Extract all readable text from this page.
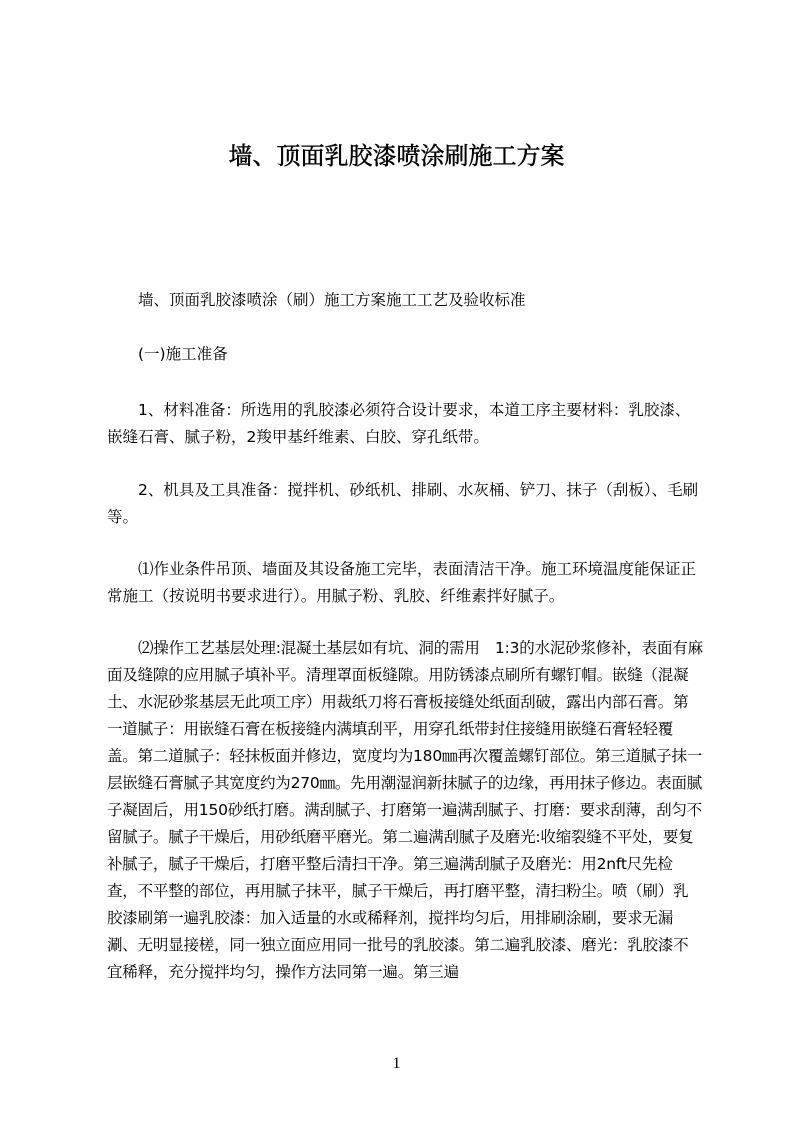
墙、顶面乳胶漆喷涂刷施工方案

墙、顶面乳胶漆喷涂（刷）施工方案施工工艺及验收标准

(一)施工准备

1、材料准备：所选用的乳胶漆必须符合设计要求，本道工序主要材料：乳胶漆、嵌缝石膏、腻子粉，2羧甲基纤维素、白胶、穿孔纸带。

2、机具及工具准备：搅拌机、砂纸机、排刷、水灰桶、铲刀、抹子（刮板）、毛刷等。

⑴作业条件吊顶、墙面及其设备施工完毕，表面清洁干净。施工环境温度能保证正常施工（按说明书要求进行）。用腻子粉、乳胶、纤维素拌好腻子。

⑵操作工艺基层处理:混凝土基层如有坑、洞的需用　1:3的水泥砂浆修补，表面有麻面及缝隙的应用腻子填补平。清理罩面板缝隙。用防锈漆点刷所有螺钉帽。嵌缝（混凝土、水泥砂浆基层无此项工序）用裁纸刀将石膏板接缝处纸面刮破，露出内部石膏。第一道腻子：用嵌缝石膏在板接缝内满填刮平，用穿孔纸带封住接缝用嵌缝石膏轻轻覆盖。第二道腻子：轻抹板面并修边，宽度均为180㎜再次覆盖螺钉部位。第三道腻子抹一层嵌缝石膏腻子其宽度约为270㎜。先用潮湿润新抹腻子的边缘，再用抹子修边。表面腻子凝固后，用150砂纸打磨。满刮腻子、打磨第一遍满刮腻子、打磨：要求刮薄，刮匀不留腻子。腻子干燥后，用砂纸磨平磨光。第二遍满刮腻子及磨光:收缩裂缝不平处，要复补腻子，腻子干燥后，打磨平整后清扫干净。第三遍满刮腻子及磨光：用2nft尺先检查，不平整的部位，再用腻子抹平，腻子干燥后，再打磨平整，清扫粉尘。喷（刷）乳胶漆刷第一遍乳胶漆：加入适量的水或稀释剂，搅拌均匀后，用排刷涂刷，要求无漏涮、无明显接槎，同一独立面应用同一批号的乳胶漆。第二遍乳胶漆、磨光：乳胶漆不宜稀释，充分搅拌均匀，操作方法同第一遍。第三遍

1
